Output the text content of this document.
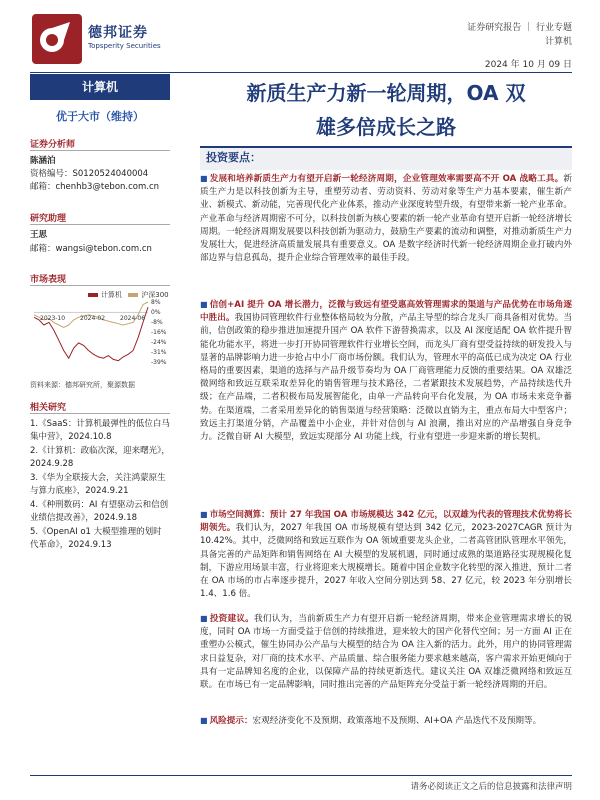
德邦证券
Topsperity Securities
证券研究报告 ｜ 行业专题
计算机
2024 年 10 月 09 日
计算机
优于大市（维持）
证券分析师
陈涵泊
资格编号：S0120524040004
邮箱：chenhb3@tebon.com.cn
研究助理
王思
邮箱：wangsi@tebon.com.cn
市场表现
8%
0%
-8%
-16%
-24%
-31%
-39%
2023-10 2024-02 2024-06
计算机	沪深300
资料来源：德邦研究所，聚源数据
相关研究
1.《SaaS：计算机最弹性的低位白马集中营》，2024.10.8
2.《计算机：政临次深，迎来曙光》，2024.9.28
3.《华为全联接大会，关注鸿蒙原生与算力底座》，2024.9.21
4.《种刑数码：AI 有望驱动云和信创业绩信提改善》，2024.9.18
5.《OpenAI o1 大模型推理的划时代革命》，2024.9.13
新质生产力新一轮周期，OA 双
雄多倍成长之路
投资要点：
■ 发展和培养新质生产力有望开启新一轮经济周期，企业管理效率需要高不开 OA 战略工具。新质生产力是以科技创新为主导，重塑劳动者、劳动资料、劳动对象等生产力基本要素，催生新产业、新模式、新动能，完善现代化产业体系，推动产业深度转型升级，有望带来新一轮产业革命。产业革命与经济周期密不可分，以科技创新为核心要素的新一轮产业革命有望开启新一轮经济增长周期。一轮经济周期发展要以科技创新为驱动力，鼓励生产要素的流动和调整，对推动新质生产力发展壮大，促进经济高质量发展具有重要意义。OA 是数字经济时代新一轮经济周期企业打破内外部边界与信息孤岛，提升企业综合管理效率的最佳手段。
■ 信创+AI 提升 OA 增长潜力，泛微与致远有望受惠高效管理需求的渠道与产品优势在市场角逐中胜出。我国协同管理软件行业整体格局较为分散，产品主导型的综合龙头厂商具备相对优势。当前，信创政策的稳步推进加速提升国产 OA 软件下游替换需求，以及 AI 深度适配 OA 软件提升智能化功能水平，将进一步打开协同管理软件行业增长空间，而龙头厂商有望受益持续的研发投入与显著的品牌影响力进一步抢占中小厂商市场份额。我们认为，管理水平的高低已成为决定 OA 行业格局的重要因素，渠道的选择与产品升级节奏均为 OA 厂商管理能力反馈的重要结果。OA 双雄泛微网络和致远互联采取差异化的销售管理与技术路径，二者紧跟技术发展趋势，产品持续迭代升级；在产品端，二者积极布局发展智能化，由单一产品转向平台化发展，为 OA 市场未来竞争蓄势。在渠道端，二者采用差异化的销售渠道与经营策略：泛微以直销为主，重点布局大中型客户；致远主打渠道分销，产品覆盖中小企业，并针对信创与 AI 浪潮，推出对应的产品增强自身竞争力。泛微自研 AI 大模型，致远实现部分 AI 功能上线，行业有望进一步迎来新的增长契机。
■ 市场空间测算：预计 27 年我国 OA 市场规模达 342 亿元，以双雄为代表的管理技术优势将长期领先。我们认为，2027 年我国 OA 市场规模有望达到 342 亿元，2023-2027CAGR 预计为 10.42%。其中，泛微网络和致远互联作为 OA 领域重要龙头企业，二者高管团队管理水平领先，具备完善的产品矩阵和销售网络在 AI 大模型的发展机遇，同时通过成熟的渠道路径实现规模化复制，下游应用场景丰富，行业将迎来大规模增长。随着中国企业数字化转型的深入推进，预计二者在 OA 市场的市占率逐步提升，2027 年收入空间分别达到 58、27 亿元，较 2023 年分别增长 1.4、1.6 倍。
■ 投资建议。我们认为，当前新质生产力有望开启新一轮经济周期，带来企业管理需求增长的锐度，同时 OA 市场一方面受益于信创的持续推进，迎来较大的国产化替代空间；另一方面 AI 正在重塑办公模式，催生协同办公产品与大模型的结合为 OA 注入新的活力。此外，用户的协同管理需求日益复杂，对厂商的技术水平、产品质量、综合服务能力要求越来越高，客户需求开始更倾向于具有一定品牌知名度的企业，以保障产品的持续更新迭代。建议关注 OA 双雄泛微网络和致远互联。在市场已有一定品牌影响，同时推出完善的产品矩阵充分受益于新一轮经济周期的开启。
■ 风险提示：宏观经济变化不及预期、政策落地不及预期、AI+OA 产品迭代不及预期等。
请务必阅读正文之后的信息披露和法律声明
